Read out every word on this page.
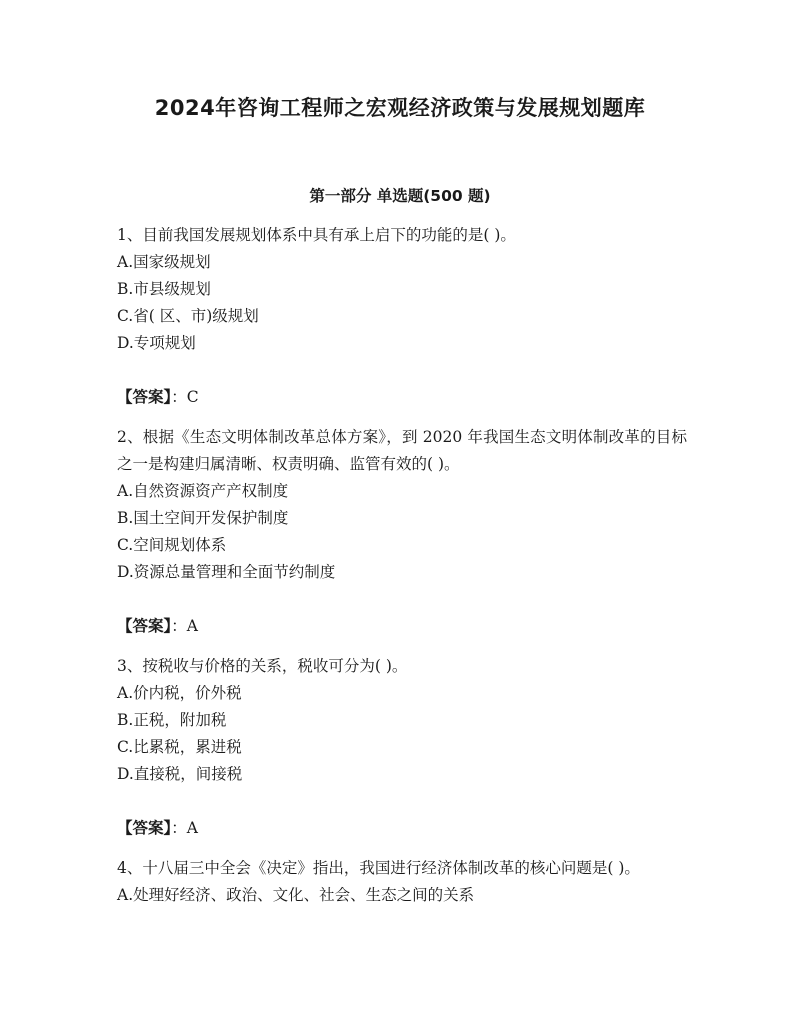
2024年咨询工程师之宏观经济政策与发展规划题库
第一部分 单选题(500 题)
1、目前我国发展规划体系中具有承上启下的功能的是( )。
A.国家级规划
B.市县级规划
C.省( 区、市)级规划
D.专项规划
【答案】：C
2、根据《生态文明体制改革总体方案》，到 2020 年我国生态文明体制改革的目标之一是构建归属清晰、权责明确、监管有效的( )。
A.自然资源资产产权制度
B.国土空间开发保护制度
C.空间规划体系
D.资源总量管理和全面节约制度
【答案】：A
3、按税收与价格的关系，税收可分为( )。
A.价内税，价外税
B.正税，附加税
C.比累税，累进税
D.直接税，间接税
【答案】：A
4、十八届三中全会《决定》指出，我国进行经济体制改革的核心问题是( )。
A.处理好经济、政治、文化、社会、生态之间的关系
